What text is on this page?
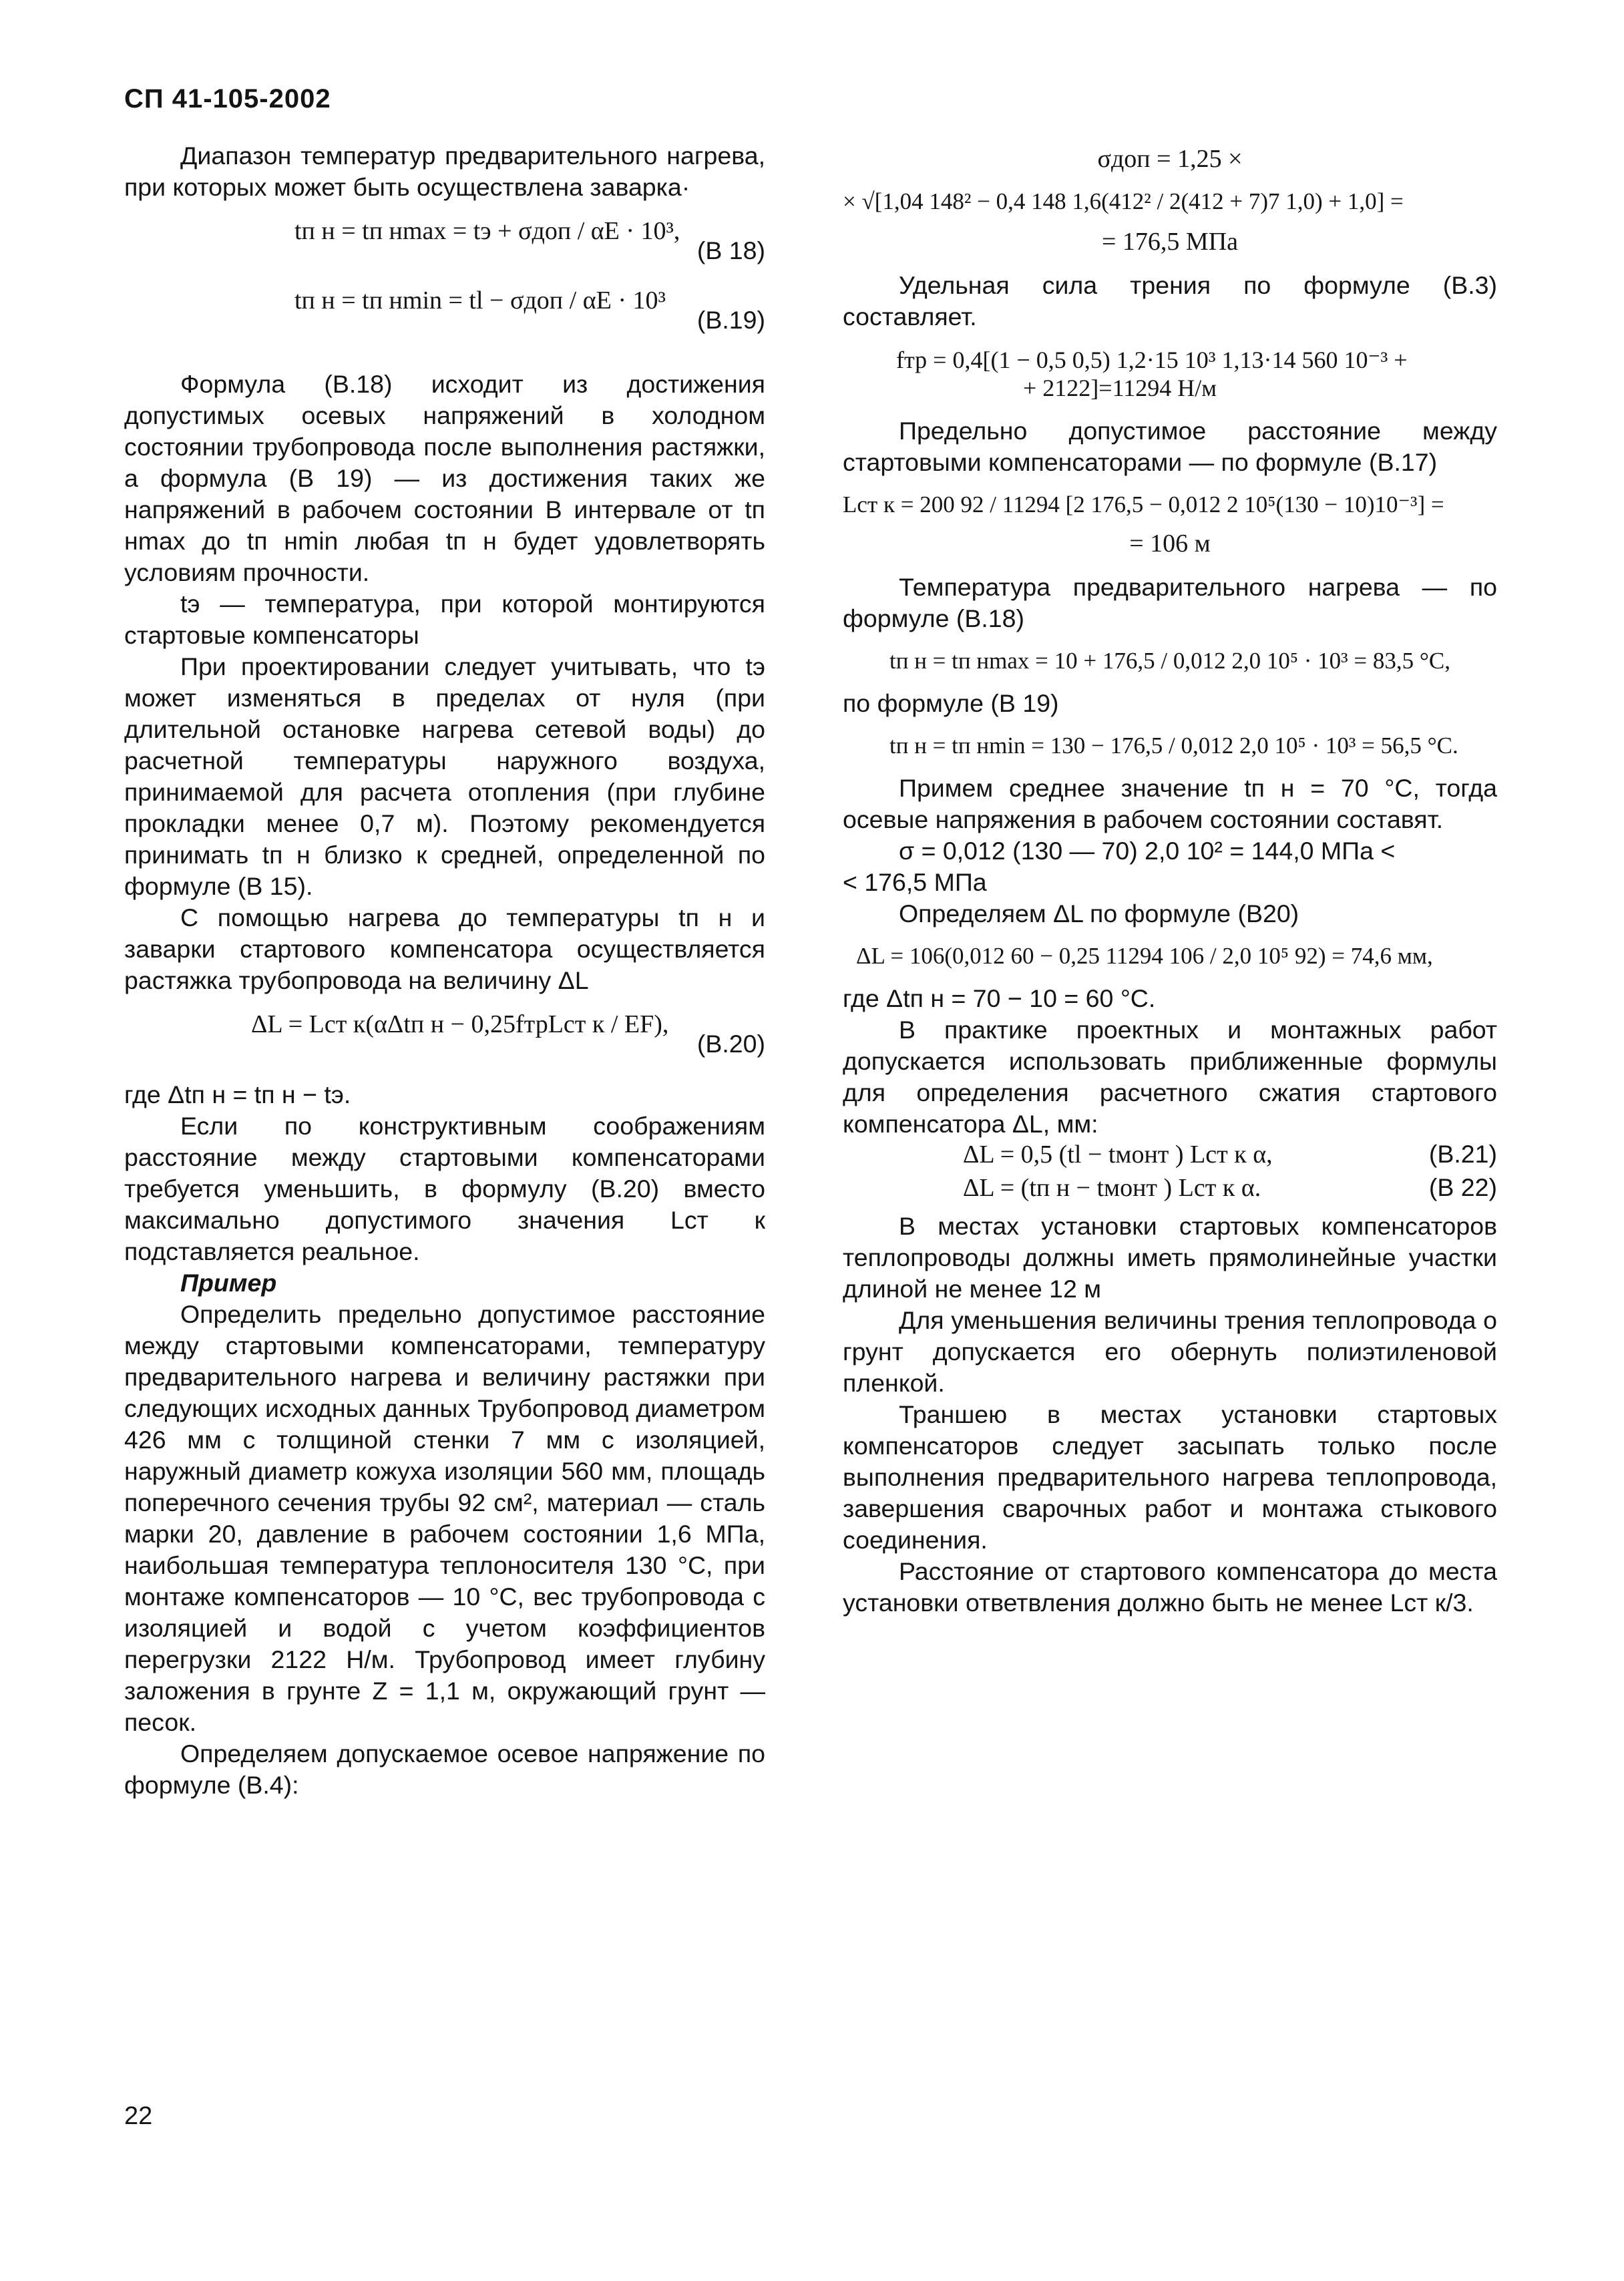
СП 41-105-2002

Диапазон температур предварительного нагрева, при которых может быть осуществлена заварка·

tп н = tп нmax = tэ + σдоп / αE · 10³,
(В 18)
tп н = tп нmin = tl − σдоп / αE · 10³
(В.19)

Формула (В.18) исходит из достижения допустимых осевых напряжений в холодном состоянии трубопровода после выполнения растяжки, а формула (В 19) — из достижения таких же напряжений в рабочем состоянии В интервале от tп нmax до tп нmin любая tп н будет удовлетворять условиям прочности.

tэ — температура, при которой монтируются стартовые компенсаторы

При проектировании следует учитывать, что tэ может изменяться в пределах от нуля (при длительной остановке нагрева сетевой воды) до расчетной температуры наружного воздуха, принимаемой для расчета отопления (при глубине прокладки менее 0,7 м). Поэтому рекомендуется принимать tп н близко к средней, определенной по формуле (В 15).

С помощью нагрева до температуры tп н и заварки стартового компенсатора осуществляется растяжка трубопровода на величину ΔL

ΔL = Lст к(αΔtп н − 0,25fтрLст к / EF),
(В.20)

где Δtп н = tп н − tэ.

Если по конструктивным соображениям расстояние между стартовыми компенсаторами требуется уменьшить, в формулу (В.20) вместо максимально допустимого значения Lст к подставляется реальное.

Пример

Определить предельно допустимое расстояние между стартовыми компенсаторами, температуру предварительного нагрева и величину растяжки при следующих исходных данных Трубопровод диаметром 426 мм с толщиной стенки 7 мм с изоляцией, наружный диаметр кожуха изоляции 560 мм, площадь поперечного сечения трубы 92 см², материал — сталь марки 20, давление в рабочем состоянии 1,6 МПа, наибольшая температура теплоносителя 130 °С, при монтаже компенсаторов — 10 °С, вес трубопровода с изоляцией и водой с учетом коэффициентов перегрузки 2122 Н/м. Трубопровод имеет глубину заложения в грунте Z = 1,1 м, окружающий грунт — песок.

Определяем допускаемое осевое напряжение по формуле (В.4):

σдоп = 1,25 ×
× √[1,04 148² − 0,4 148 1,6(412² / 2(412 + 7)7 1,0) + 1,0] =
= 176,5 МПа

Удельная сила трения по формуле (В.3) составляет.

fтр = 0,4[(1 − 0,5 0,5) 1,2·15 10³ 1,13·14 560 10⁻³ +
+ 2122]=11294 Н/м

Предельно допустимое расстояние между стартовыми компенсаторами — по формуле (В.17)

Lст к = 200 92 / 11294 [2 176,5 − 0,012 2 10⁵(130 − 10)10⁻³] =
= 106 м

Температура предварительного нагрева — по формуле (В.18)

tп н = tп нmax = 10 + 176,5 / 0,012 2,0 10⁵ · 10³ = 83,5 °С,

по формуле (В 19)

tп н = tп нmin = 130 − 176,5 / 0,012 2,0 10⁵ · 10³ = 56,5 °С.

Примем среднее значение tп н = 70 °С, тогда осевые напряжения в рабочем состоянии составят.

σ = 0,012 (130 — 70) 2,0 10² = 144,0 МПа <

< 176,5 МПа

Определяем ΔL по формуле (В20)

ΔL = 106(0,012 60 − 0,25 11294 106 / 2,0 10⁵ 92) = 74,6 мм,

где Δtп н = 70 − 10 = 60 °С.

В практике проектных и монтажных работ допускается использовать приближенные формулы для определения расчетного сжатия стартового компенсатора ΔL, мм:

ΔL = 0,5 (tl − tмонт ) Lст к α,	(В.21)
ΔL = (tп н − tмонт ) Lст к α.	(В 22)

В местах установки стартовых компенсаторов теплопроводы должны иметь прямолинейные участки длиной не менее 12 м

Для уменьшения величины трения теплопровода о грунт допускается его обернуть полиэтиленовой пленкой.

Траншею в местах установки стартовых компенсаторов следует засыпать только после выполнения предварительного нагрева теплопровода, завершения сварочных работ и монтажа стыкового соединения.

Расстояние от стартового компенсатора до места установки ответвления должно быть не менее Lст к/3.

22
